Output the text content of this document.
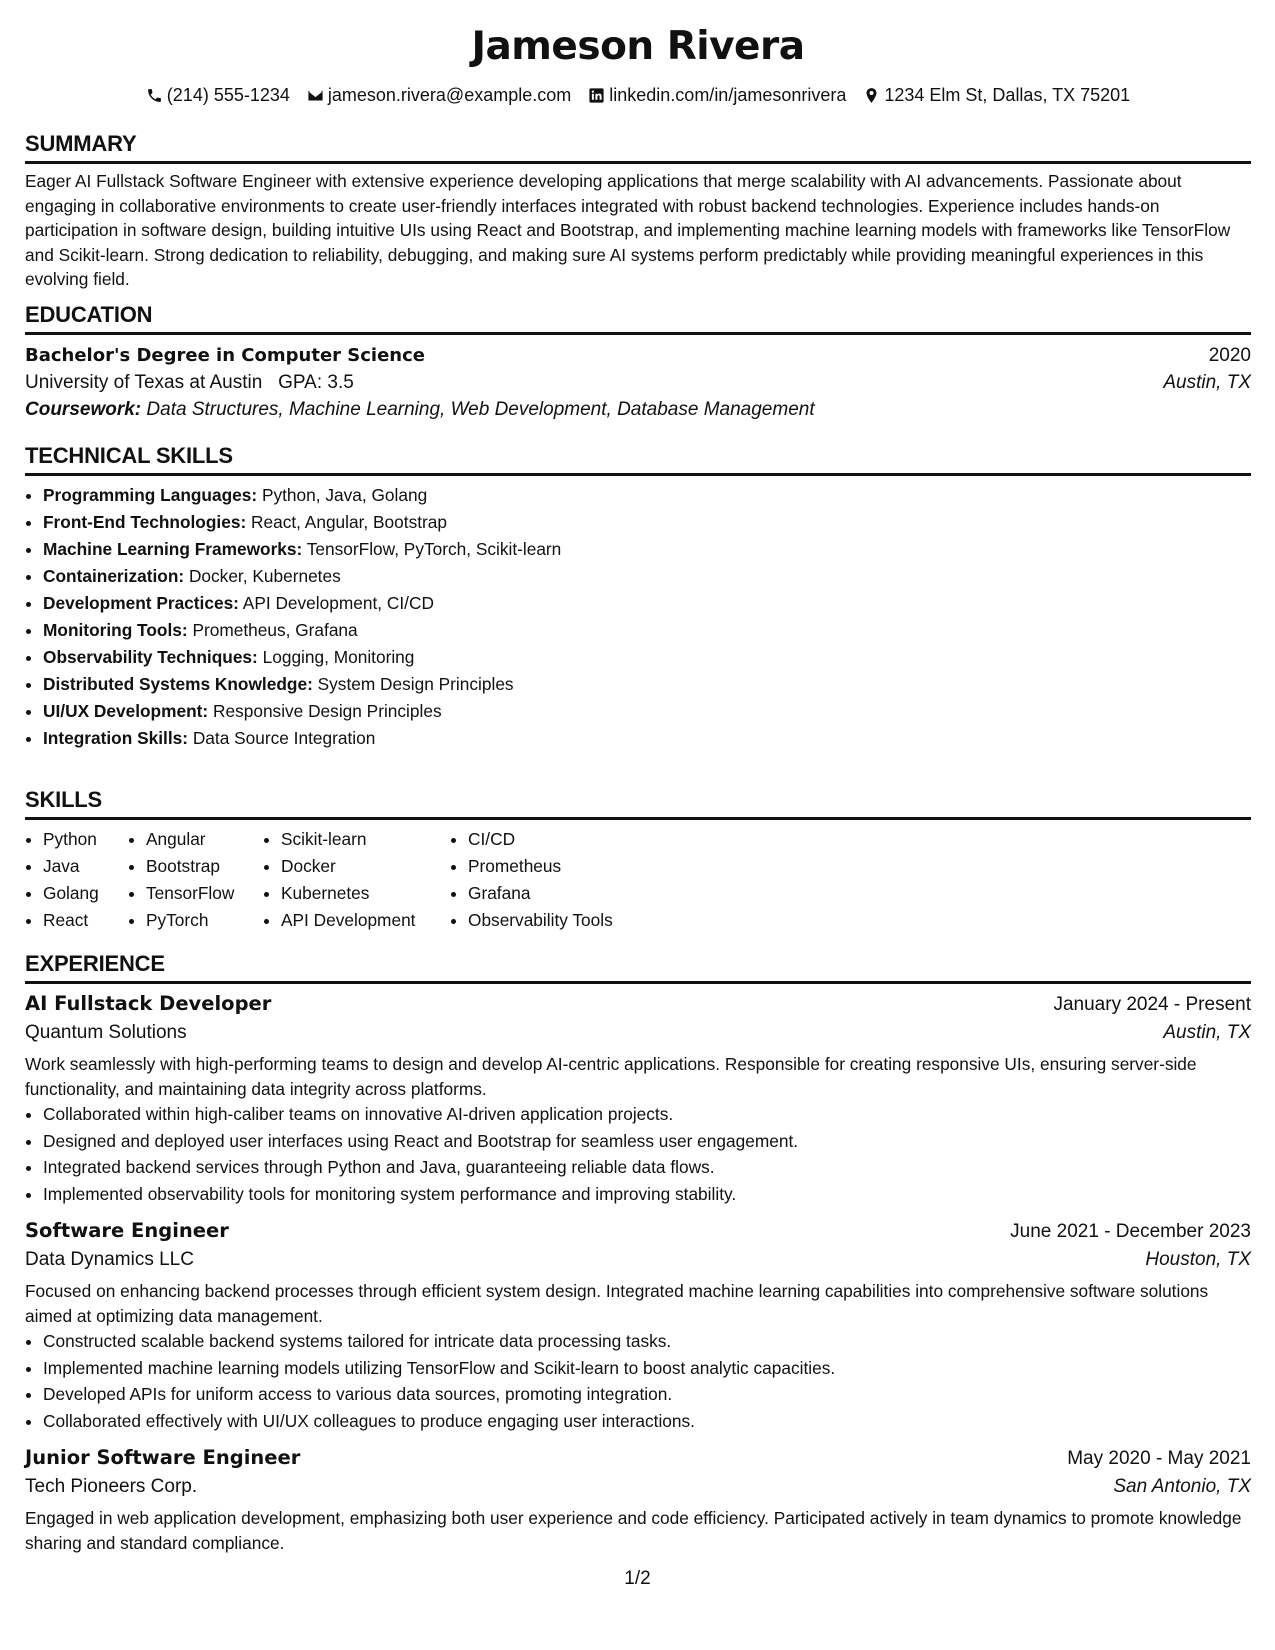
Jameson Rivera
(214) 555-1234 jameson.rivera@example.com linkedin.com/in/jamesonrivera 1234 Elm St, Dallas, TX 75201
SUMMARY

Eager AI Fullstack Software Engineer with extensive experience developing applications that merge scalability with AI advancements. Passionate about engaging in collaborative environments to create user-friendly interfaces integrated with robust backend technologies. Experience includes hands-on participation in software design, building intuitive UIs using React and Bootstrap, and implementing machine learning models with frameworks like TensorFlow and Scikit-learn. Strong dedication to reliability, debugging, and making sure AI systems perform predictably while providing meaningful experiences in this evolving field.

EDUCATION
Bachelor's Degree in Computer Science	2020
University of Texas at Austin GPA: 3.5	Austin, TX
Coursework: Data Structures, Machine Learning, Web Development, Database Management
TECHNICAL SKILLS
• Programming Languages: Python, Java, Golang
• Front-End Technologies: React, Angular, Bootstrap
• Machine Learning Frameworks: TensorFlow, PyTorch, Scikit-learn
• Containerization: Docker, Kubernetes
• Development Practices: API Development, CI/CD
• Monitoring Tools: Prometheus, Grafana
• Observability Techniques: Logging, Monitoring
• Distributed Systems Knowledge: System Design Principles
• UI/UX Development: Responsive Design Principles
• Integration Skills: Data Source Integration
SKILLS
• Python
• Java
• Golang
• React
• Angular
• Bootstrap
• TensorFlow
• PyTorch
• Scikit-learn
• Docker
• Kubernetes
• API Development
• CI/CD
• Prometheus
• Grafana
• Observability Tools
EXPERIENCE
AI Fullstack Developer	January 2024 - Present
Quantum Solutions	Austin, TX

Work seamlessly with high-performing teams to design and develop AI-centric applications. Responsible for creating responsive UIs, ensuring server-side functionality, and maintaining data integrity across platforms.

• Collaborated within high-caliber teams on innovative AI-driven application projects.
• Designed and deployed user interfaces using React and Bootstrap for seamless user engagement.
• Integrated backend services through Python and Java, guaranteeing reliable data flows.
• Implemented observability tools for monitoring system performance and improving stability.
Software Engineer	June 2021 - December 2023
Data Dynamics LLC	Houston, TX

Focused on enhancing backend processes through efficient system design. Integrated machine learning capabilities into comprehensive software solutions aimed at optimizing data management.

• Constructed scalable backend systems tailored for intricate data processing tasks.
• Implemented machine learning models utilizing TensorFlow and Scikit-learn to boost analytic capacities.
• Developed APIs for uniform access to various data sources, promoting integration.
• Collaborated effectively with UI/UX colleagues to produce engaging user interactions.
Junior Software Engineer	May 2020 - May 2021
Tech Pioneers Corp.	San Antonio, TX

Engaged in web application development, emphasizing both user experience and code efficiency. Participated actively in team dynamics to promote knowledge sharing and standard compliance.

1/2
